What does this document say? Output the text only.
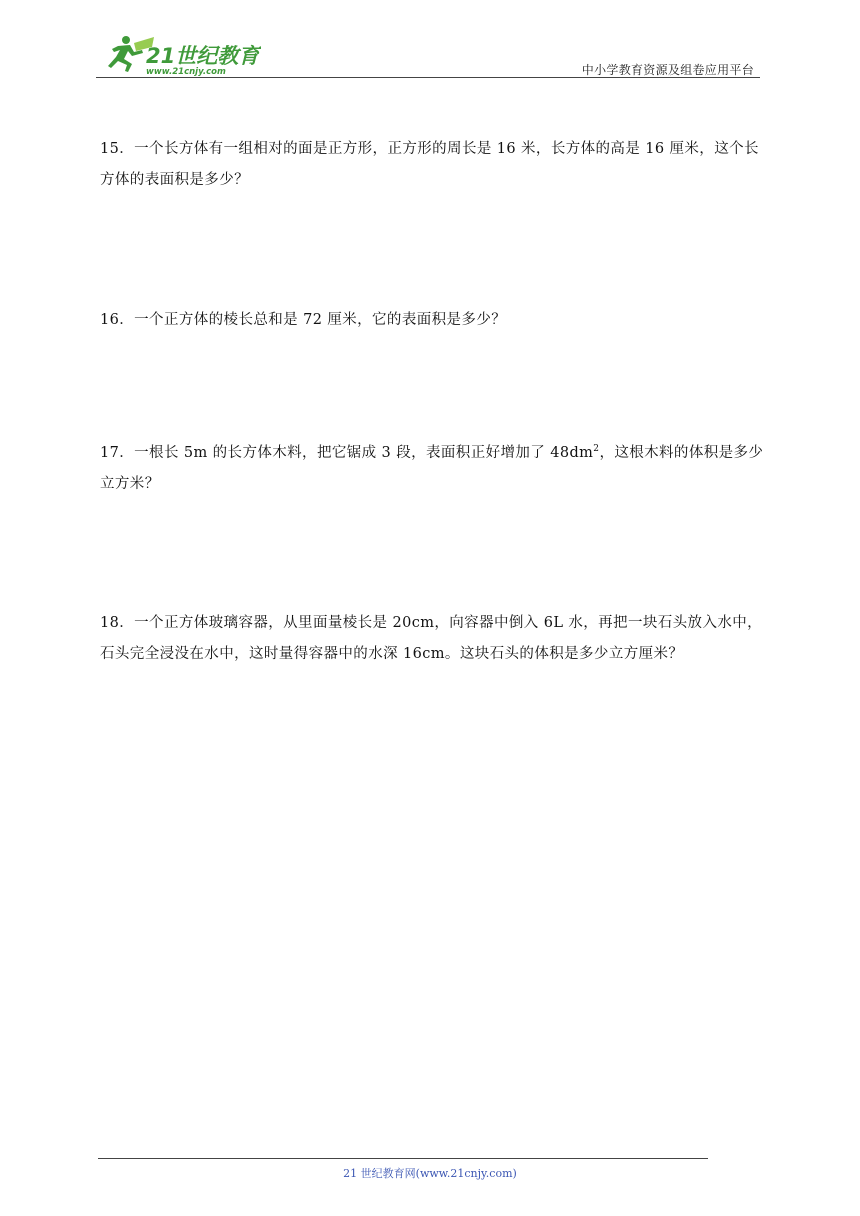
21世纪教育
www.21cnjy.com	中小学教育资源及组卷应用平台
15．一个长方体有一组相对的面是正方形，正方形的周长是 16 米，长方体的高是 16 厘米，这个长方体的表面积是多少？
16．一个正方体的棱长总和是 72 厘米，它的表面积是多少？
17．一根长 5m 的长方体木料，把它锯成 3 段，表面积正好增加了 $48dm^2$，这根木料的体积是多少立方米？
18．一个正方体玻璃容器，从里面量棱长是 20cm，向容器中倒入 6L 水，再把一块石头放入水中，石头完全浸没在水中，这时量得容器中的水深 16cm。这块石头的体积是多少立方厘米？
21 世纪教育网(www.21cnjy.com)
